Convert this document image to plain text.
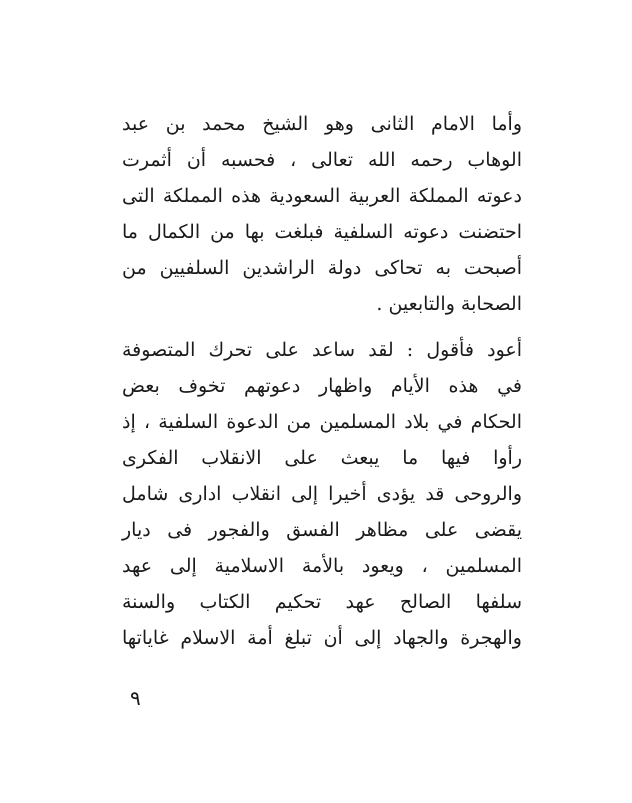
وأما الامام الثانى وهو الشيخ محمد بن عبد
الوهاب رحمه الله تعالى ، فحسبه أن أثمرت
دعوته المملكة العربية السعودية هذه المملكة التى
احتضنت دعوته السلفية فبلغت بها من الكمال ما
أصبحت به تحاكى دولة الراشدين السلفيين من
الصحابة والتابعين .
أعود فأقول : لقد ساعد على تحرك المتصوفة
في هذه الأيام واظهار دعوتهم تخوف بعض
الحكام في بلاد المسلمين من الدعوة السلفية ، إذ
رأوا فيها ما يبعث على الانقلاب الفكرى
والروحى قد يؤدى أخيرا إلى انقلاب ادارى شامل
يقضى على مظاهر الفسق والفجور فى ديار
المسلمين ، ويعود بالأمة الاسلامية إلى عهد
سلفها الصالح عهد تحكيم الكتاب والسنة
والهجرة والجهاد إلى أن تبلغ أمة الاسلام غاياتها
٩
